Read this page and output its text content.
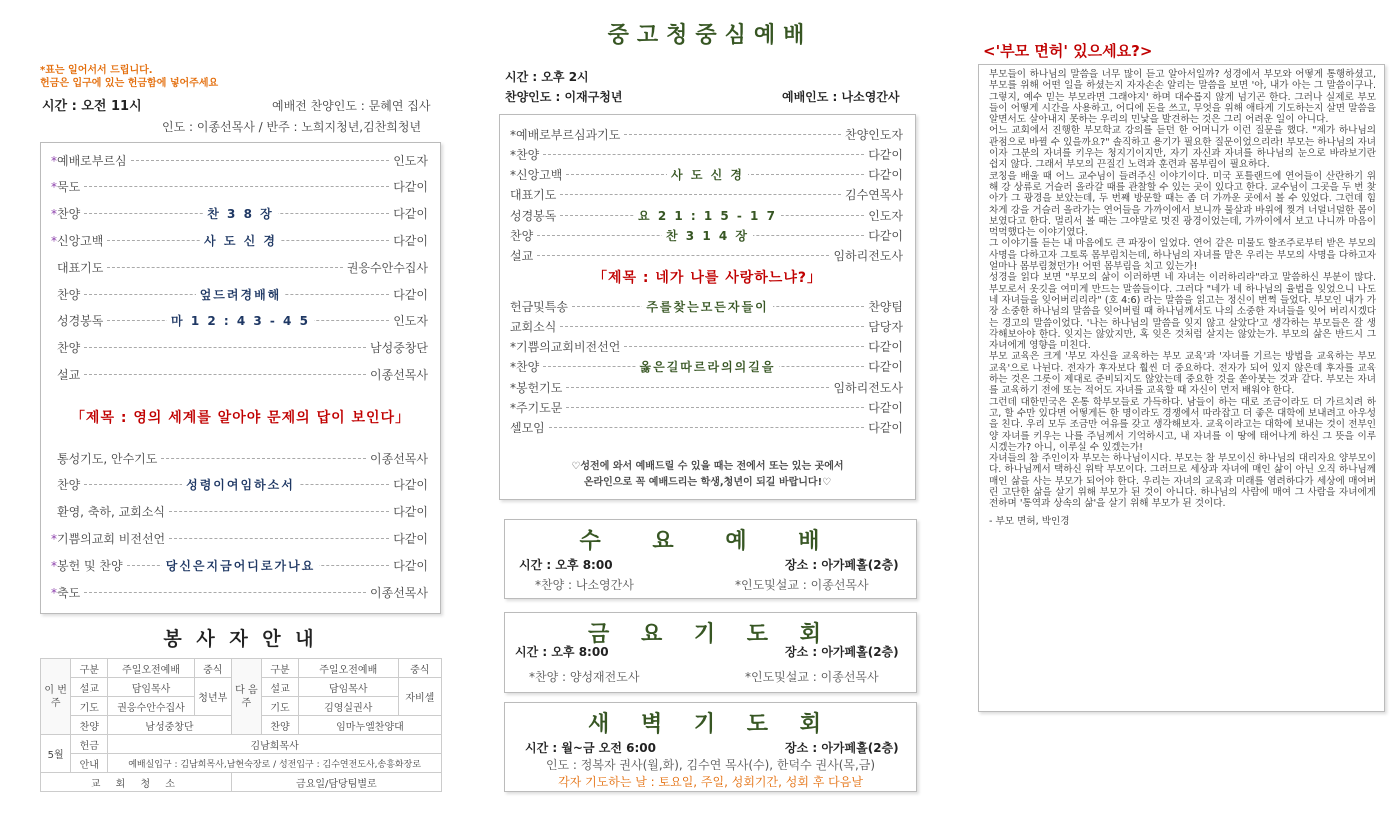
*표는 일어서서 드립니다.
헌금은 입구에 있는 헌금함에 넣어주세요
시간 : 오전 11시	예배전 찬양인도 : 문혜연 집사
인도 : 이종선목사 / 반주 : 노희지청년,김찬희청년
*예배로부르심	인도자
*묵도	다같이
*찬양	다같이
찬 3 8 장
*신앙고백	다같이
사 도 신 경
대표기도	권응수안수집사
찬양	다같이
엎드려경배해
성경봉독	인도자
마 1 2 : 4 3 - 4 5
찬양	남성중창단
설교	이종선목사
「제목 : 영의 세계를 알아야 문제의 답이 보인다」
통성기도, 안수기도	이종선목사
찬양	다같이
성령이여임하소서
환영, 축하, 교회소식	다같이
*기쁨의교회 비전선언	다같이
*봉헌 및 찬양	다같이
당신은지금어디로가나요
*축도	이종선목사
봉 사 자 안 내
이 번 주	구분	주일오전예배	중식	다 음 주	구분	주일오전예배	중식
	설교	담임목사	청년부		설교	담임목사	자비셀
	기도	권응수안수집사			기도	김영실권사	
	찬양	남성중창단			찬양	임마누엘찬양대	
5월	헌금	김남희목사					
	안내	예배실입구 : 김남희목사,남현숙장로 / 성전입구 : 김수연전도사,송흥화장로					
교 회 청 소				금요일/담당팀별로			
중고청중심예배
시간 : 오후 2시
찬양인도 : 이재구청년	예배인도 : 나소영간사
*예배로부르심과기도	찬양인도자
*찬양	다같이
*신앙고백	다같이
사 도 신 경
대표기도	김수연목사
성경봉독	인도자
요 2 1 : 1 5 - 1 7
찬양	다같이
찬 3 1 4 장
설교	임하리전도사
「제목 : 네가 나를 사랑하느냐?」
헌금및특송	찬양팀
주를찾는모든자들이
교회소식	담당자
*기쁨의교회비전선언	다같이
*찬양	다같이
옳은길따르라의의길을
*봉헌기도	임하리전도사
*주기도문	다같이
셀모임	다같이
♡성전에 와서 예배드릴 수 있을 때는 전에서 또는 있는 곳에서
온라인으로 꼭 예배드리는 학생,청년이 되길 바랍니다!♡
수 요 예 배
시간 : 오후 8:00	장소 : 아가페홀(2층)
*찬양 : 나소영간사	*인도및설교 : 이종선목사
금 요 기 도 회
시간 : 오후 8:00	장소 : 아가페홀(2층)
*찬양 : 양성재전도사	*인도및설교 : 이종선목사
새 벽 기 도 회
시간 : 월~금 오전 6:00	장소 : 아가페홀(2층)
인도 : 정복자 권사(월,화), 김수연 목사(수), 한덕수 권사(목,금)
각자 기도하는 날 : 토요일, 주일, 성회기간, 성회 후 다음날
<'부모 면허' 있으세요?>

부모들이 하나님의 말씀을 너무 많이 듣고 알아서일까? 성경에서 부모와 어떻게 통행하셨고, 부모를 위해 어떤 일을 하셨는지 자자손손 알리는 말씀을 보면 '아, 내가 아는 그 말씀이구나. 그렇지, 예수 믿는 부모라면 그래야지' 하며 대수롭지 않게 넘기곤 한다. 그러나 실제로 부모들이 어떻게 시간을 사용하고, 어디에 돈을 쓰고, 무엇을 위해 애타게 기도하는지 살면 말씀을 알면서도 살아내지 못하는 우리의 민낯을 발견하는 것은 그리 어려운 일이 아니다.

어느 교회에서 진행한 부모학교 강의를 듣던 한 어머니가 이런 질문을 했다. "제가 하나님의 관점으로 바뀔 수 있을까요?" 솔직하고 용기가 필요한 질문이었으리라! 부모는 하나님의 자녀이자 그분의 자녀를 키우는 청지기이지만, 자기 자신과 자녀를 하나님의 눈으로 바라보기란 쉽지 않다. 그래서 부모의 끈질긴 노력과 훈련과 몸부림이 필요하다.

코칭을 배울 때 어느 교수님이 들려주신 이야기이다. 미국 포틀랜드에 연어들이 산란하기 위해 강 상류로 거슬러 올라갈 때를 관찰할 수 있는 곳이 있다고 한다. 교수님이 그곳을 두 번 찾아가 그 광경을 보았는데, 두 번째 방문할 때는 좀 더 가까운 곳에서 볼 수 있었다. 그런데 힘차게 강을 거슬러 올라가는 연어들을 가까이에서 보니까 물살과 바위에 찢겨 너덜너덜한 몸이 보였다고 한다. 멀리서 볼 때는 그야말로 멋진 광경이었는데, 가까이에서 보고 나니까 마음이 먹먹했다는 이야기였다.

그 이야기를 듣는 내 마음에도 큰 파장이 일었다. 연어 같은 미물도 할조주로부터 받은 부모의 사명을 다하고자 그토록 몸부림치는데, 하나님의 자녀를 맡은 우리는 부모의 사명을 다하고자 얼마나 몸부림쳤던가! 어떤 몸부림을 치고 있는가!

성경을 읽다 보면 "부모의 삶이 이러하면 네 자녀는 이러하리라"라고 말씀하신 부분이 많다. 부모로서 옷깃을 여미게 만드는 말씀들이다. 그러다 "네가 네 하나님의 율법을 잊었으니 나도 네 자녀들을 잊어버리리라" (호 4:6) 라는 말씀을 읽고는 정신이 번쩍 들었다. 부모인 내가 가장 소중한 하나님의 말씀을 잊어버릴 때 하나님께서도 나의 소중한 자녀들을 잊어 버리시겠다는 경고의 말씀이었다. '나는 하나님의 말씀을 잊지 않고 살았다'고 생각하는 부모들은 잘 생각해보아야 한다. 잊지는 않았지만, 혹 잊은 것처럼 살지는 않았는가. 부모의 삶은 반드시 그 자녀에게 영향을 미친다.

부모 교육은 크게 '부모 자신을 교육하는 부모 교육'과 '자녀를 기르는 방법을 교육하는 부모 교육'으로 나뉜다. 전자가 후자보다 훨씬 더 중요하다. 전자가 되어 있지 않은데 후자를 교육하는 것은 그릇이 제대로 준비되지도 않았는데 중요한 것을 쏟아붓는 것과 같다. 부모는 자녀를 교육하기 전에 또는 적어도 자녀를 교육할 때 자신이 먼저 배워야 한다.

그런데 대한민국은 온통 학부모들로 가득하다. 남들이 하는 대로 조금이라도 더 가르치려 하고, 할 수만 있다면 어떻게든 한 명이라도 경쟁에서 따라잡고 더 좋은 대학에 보내려고 아우성을 친다. 우리 모두 조금만 여유를 갖고 생각해보자. 교육이라고는 대학에 보내는 것이 전부인 양 자녀를 키우는 나를 주님께서 기억하시고, 내 자녀를 이 땅에 태어나게 하신 그 뜻을 이루시겠는가? 아니, 이루실 수 있겠는가!

자녀들의 참 주인이자 부모는 하나님이시다. 부모는 참 부모이신 하나님의 대리자요 양부모이다. 하나님께서 택하신 위탁 부모이다. 그러므로 세상과 자녀에 매인 삶이 아닌 오직 하나님께 매인 삶을 사는 부모가 되어야 한다. 우리는 자녀의 교육과 미래를 염려하다가 세상에 매여버린 고단한 삶을 살기 위해 부모가 된 것이 아니다. 하나님의 사람에 매여 그 사람을 자녀에게 전하며 '통역과 상속의 삶'을 살기 위해 부모가 된 것이다.

- 부모 면허, 박인경
